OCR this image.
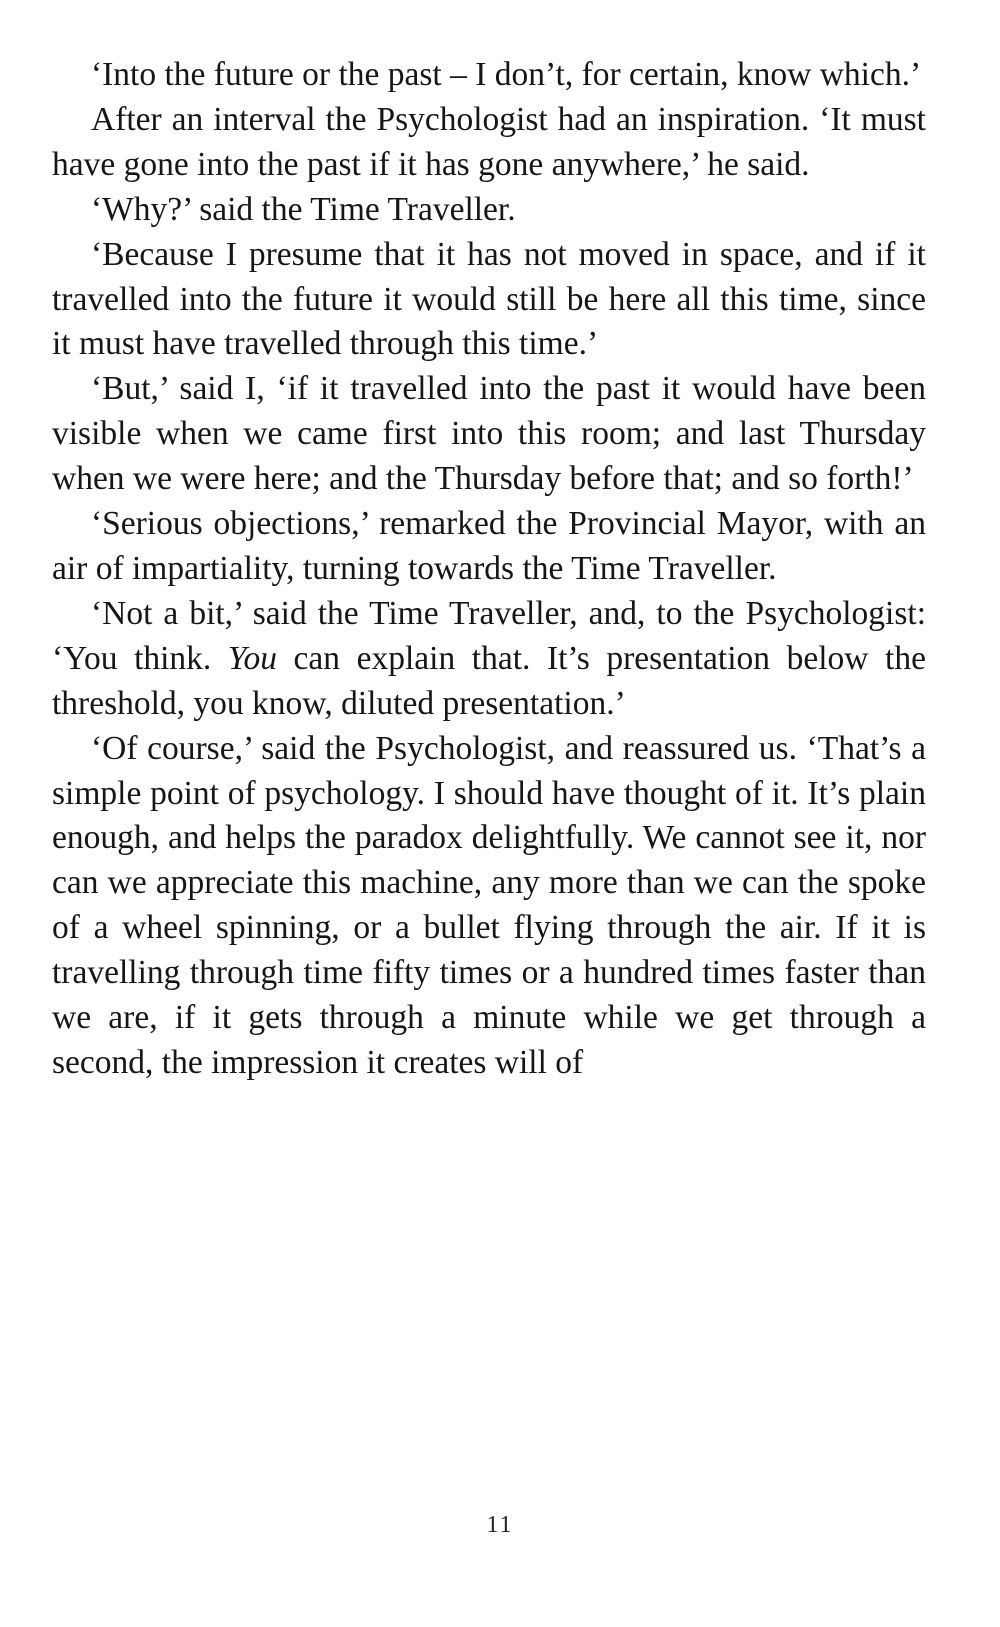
‘Into the future or the past – I don’t, for certain, know which.’

After an interval the Psychologist had an inspiration. ‘It must have gone into the past if it has gone anywhere,’ he said.

‘Why?’ said the Time Traveller.

‘Because I presume that it has not moved in space, and if it travelled into the future it would still be here all this time, since it must have travelled through this time.’

‘But,’ said I, ‘if it travelled into the past it would have been visible when we came first into this room; and last Thursday when we were here; and the Thursday before that; and so forth!’

‘Serious objections,’ remarked the Provincial Mayor, with an air of impartiality, turning towards the Time Traveller.

‘Not a bit,’ said the Time Traveller, and, to the Psychologist: ‘You think. You can explain that. It’s presentation below the threshold, you know, diluted presentation.’

‘Of course,’ said the Psychologist, and reassured us. ‘That’s a simple point of psychology. I should have thought of it. It’s plain enough, and helps the paradox delightfully. We cannot see it, nor can we appreciate this machine, any more than we can the spoke of a wheel spinning, or a bullet flying through the air. If it is travelling through time fifty times or a hundred times faster than we are, if it gets through a minute while we get through a second, the impression it creates will of

11
